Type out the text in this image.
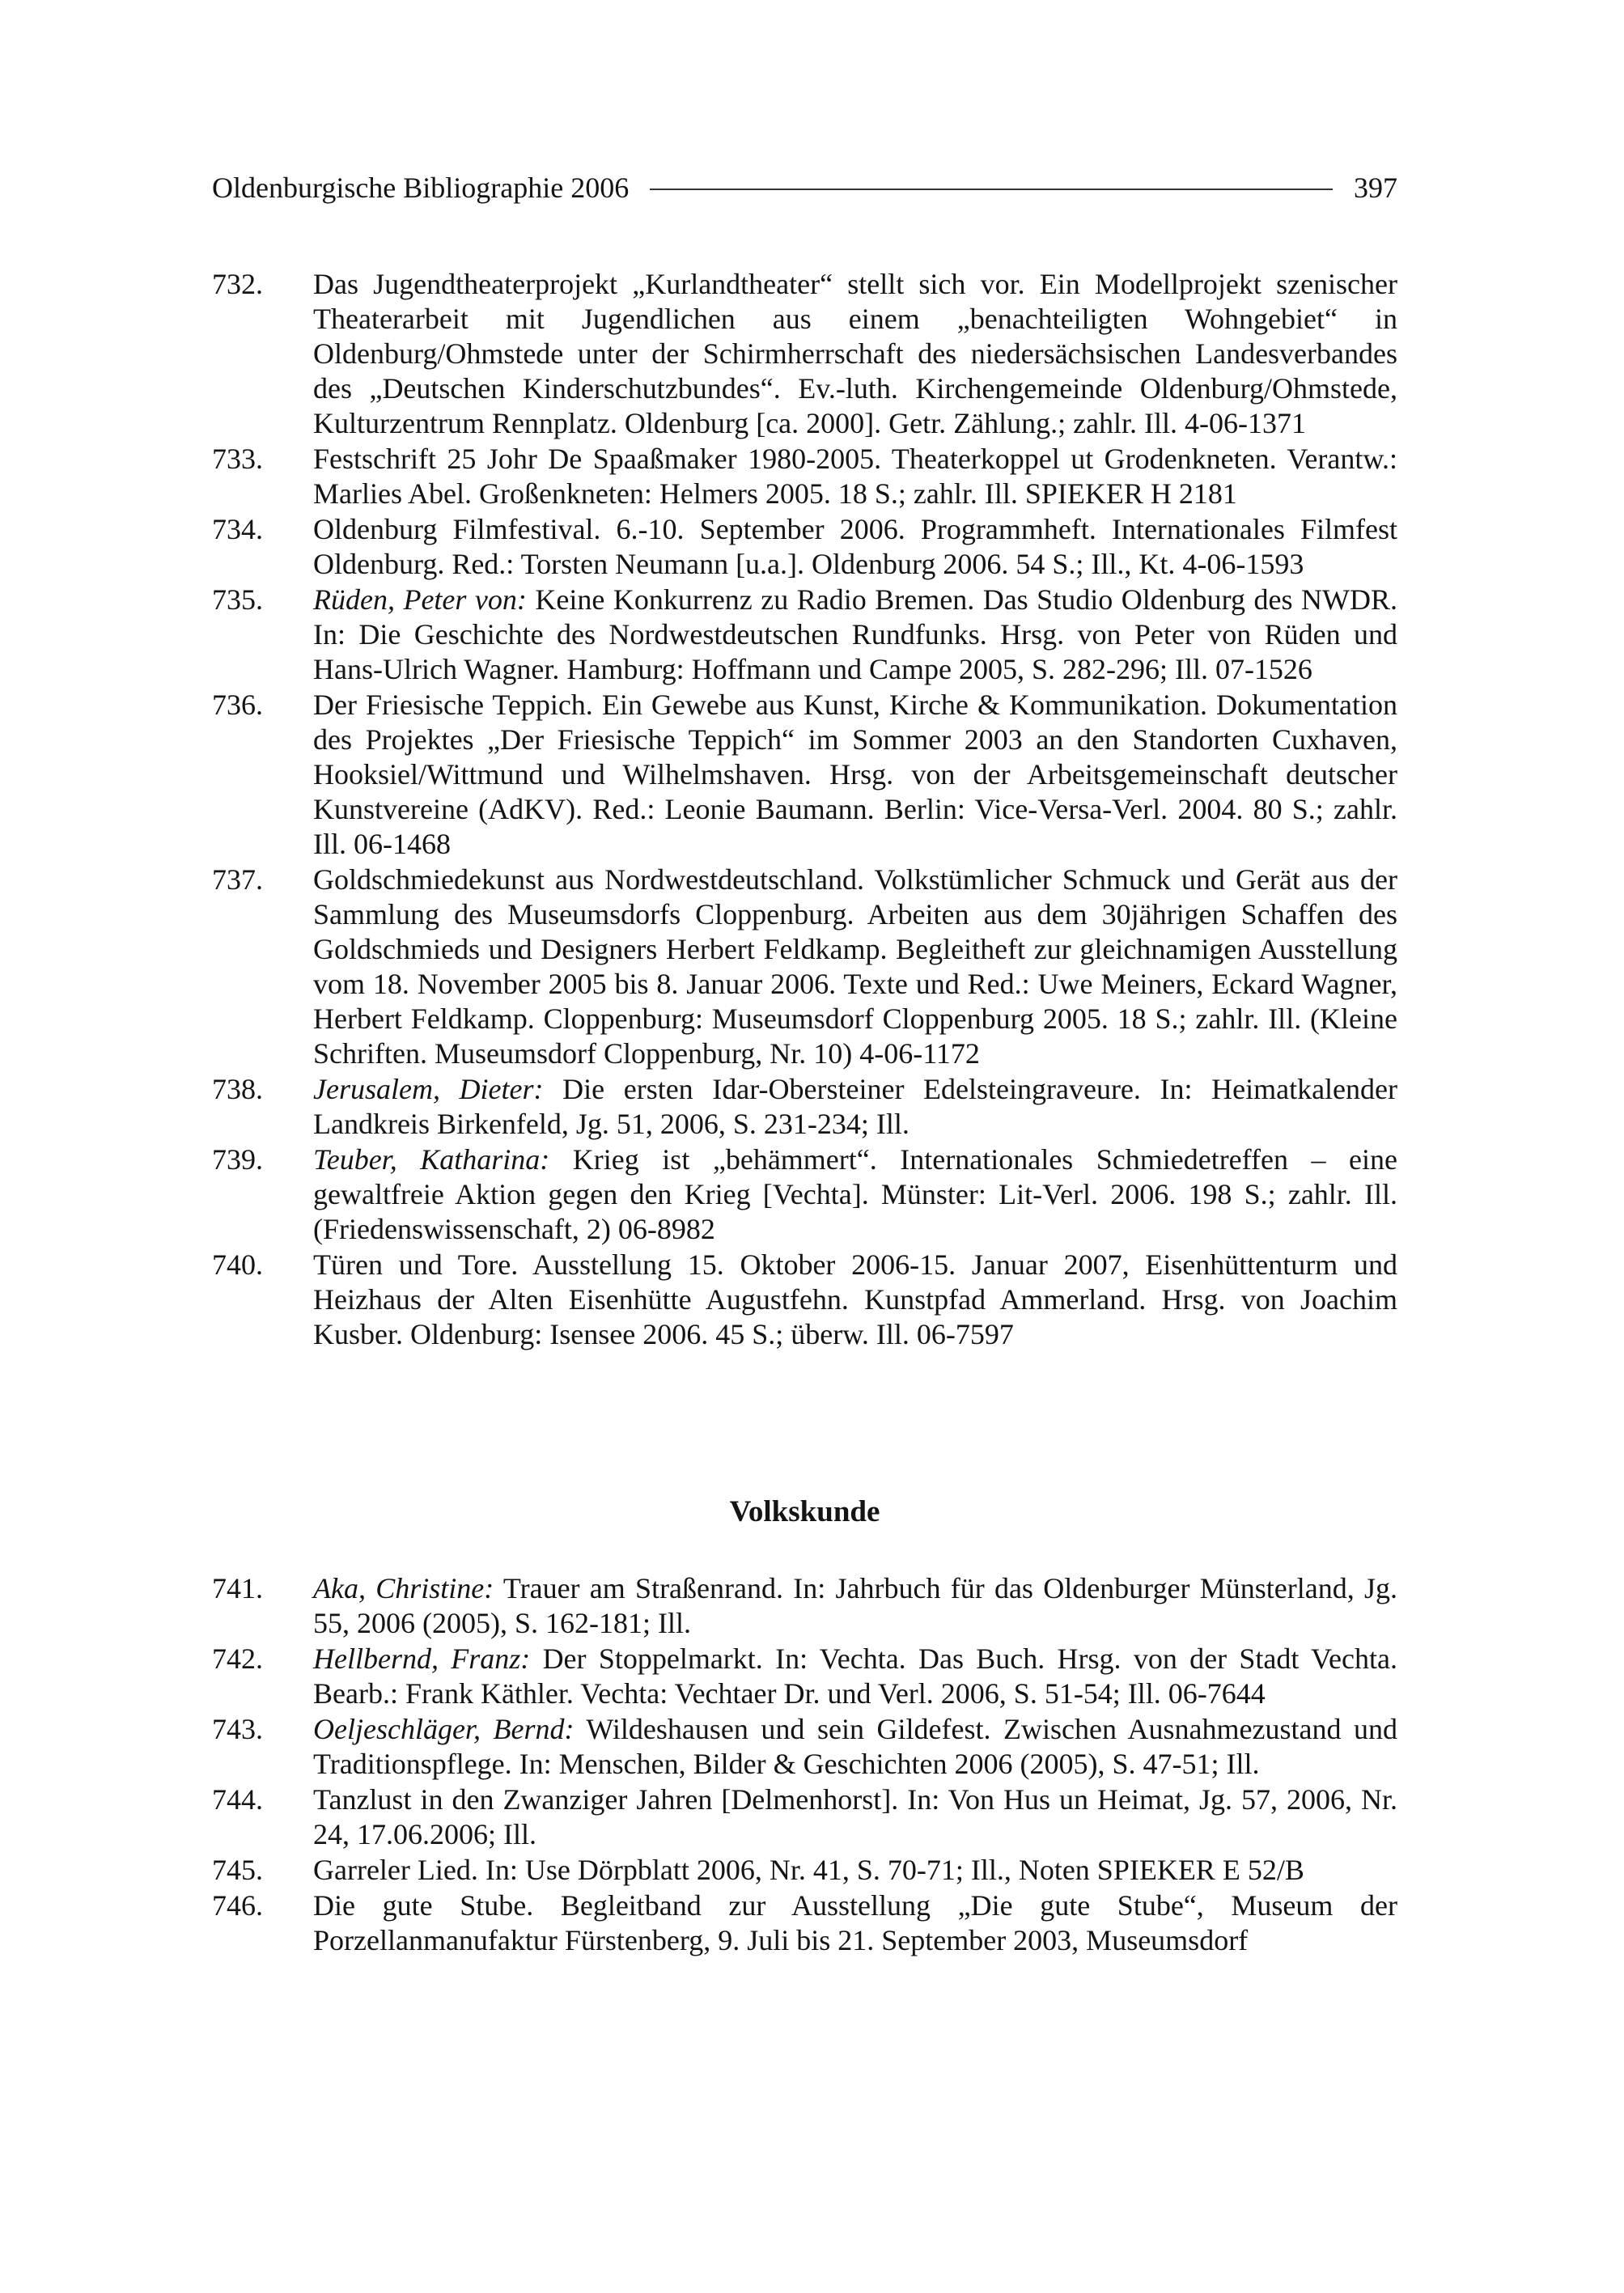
Oldenburgische Bibliographie 2006	397
732.	Das Jugendtheaterprojekt „Kurlandtheater“ stellt sich vor. Ein Modellprojekt szenischer Theaterarbeit mit Jugendlichen aus einem „benachteiligten Wohngebiet“ in Oldenburg/Ohmstede unter der Schirmherrschaft des niedersächsischen Landesverbandes des „Deutschen Kinderschutzbundes“. Ev.-luth. Kirchengemeinde Oldenburg/Ohmstede, Kulturzentrum Rennplatz. Oldenburg [ca. 2000]. Getr. Zählung.; zahlr. Ill. 4-06-1371
733.	Festschrift 25 Johr De Spaaßmaker 1980-2005. Theaterkoppel ut Grodenkneten. Verantw.: Marlies Abel. Großenkneten: Helmers 2005. 18 S.; zahlr. Ill. SPIEKER H 2181
734.	Oldenburg Filmfestival. 6.-10. September 2006. Programmheft. Internationales Filmfest Oldenburg. Red.: Torsten Neumann [u.a.]. Oldenburg 2006. 54 S.; Ill., Kt. 4-06-1593
735.	Rüden, Peter von: Keine Konkurrenz zu Radio Bremen. Das Studio Oldenburg des NWDR. In: Die Geschichte des Nordwestdeutschen Rundfunks. Hrsg. von Peter von Rüden und Hans-Ulrich Wagner. Hamburg: Hoffmann und Campe 2005, S. 282-296; Ill. 07-1526
736.	Der Friesische Teppich. Ein Gewebe aus Kunst, Kirche & Kommunikation. Dokumentation des Projektes „Der Friesische Teppich“ im Sommer 2003 an den Standorten Cuxhaven, Hooksiel/Wittmund und Wilhelmshaven. Hrsg. von der Arbeitsgemeinschaft deutscher Kunstvereine (AdKV). Red.: Leonie Baumann. Berlin: Vice-Versa-Verl. 2004. 80 S.; zahlr. Ill. 06-1468
737.	Goldschmiedekunst aus Nordwestdeutschland. Volkstümlicher Schmuck und Gerät aus der Sammlung des Museumsdorfs Cloppenburg. Arbeiten aus dem 30jährigen Schaffen des Goldschmieds und Designers Herbert Feldkamp. Begleitheft zur gleichnamigen Ausstellung vom 18. November 2005 bis 8. Januar 2006. Texte und Red.: Uwe Meiners, Eckard Wagner, Herbert Feldkamp. Cloppenburg: Museumsdorf Cloppenburg 2005. 18 S.; zahlr. Ill. (Kleine Schriften. Museumsdorf Cloppenburg, Nr. 10) 4-06-1172
738.	Jerusalem, Dieter: Die ersten Idar-Obersteiner Edelsteingraveure. In: Heimatkalender Landkreis Birkenfeld, Jg. 51, 2006, S. 231-234; Ill.
739.	Teuber, Katharina: Krieg ist „behämmert“. Internationales Schmiedetreffen – eine gewaltfreie Aktion gegen den Krieg [Vechta]. Münster: Lit-Verl. 2006. 198 S.; zahlr. Ill. (Friedenswissenschaft, 2) 06-8982
740.	Türen und Tore. Ausstellung 15. Oktober 2006-15. Januar 2007, Eisenhüttenturm und Heizhaus der Alten Eisenhütte Augustfehn. Kunstpfad Ammerland. Hrsg. von Joachim Kusber. Oldenburg: Isensee 2006. 45 S.; überw. Ill. 06-7597
Volkskunde
741.	Aka, Christine: Trauer am Straßenrand. In: Jahrbuch für das Oldenburger Münsterland, Jg. 55, 2006 (2005), S. 162-181; Ill.
742.	Hellbernd, Franz: Der Stoppelmarkt. In: Vechta. Das Buch. Hrsg. von der Stadt Vechta. Bearb.: Frank Käthler. Vechta: Vechtaer Dr. und Verl. 2006, S. 51-54; Ill. 06-7644
743.	Oeljeschläger, Bernd: Wildeshausen und sein Gildefest. Zwischen Ausnahmezustand und Traditionspflege. In: Menschen, Bilder & Geschichten 2006 (2005), S. 47-51; Ill.
744.	Tanzlust in den Zwanziger Jahren [Delmenhorst]. In: Von Hus un Heimat, Jg. 57, 2006, Nr. 24, 17.06.2006; Ill.
745.	Garreler Lied. In: Use Dörpblatt 2006, Nr. 41, S. 70-71; Ill., Noten SPIEKER E 52/B
746.	Die gute Stube. Begleitband zur Ausstellung „Die gute Stube“, Museum der Porzellanmanufaktur Fürstenberg, 9. Juli bis 21. September 2003, Museumsdorf
